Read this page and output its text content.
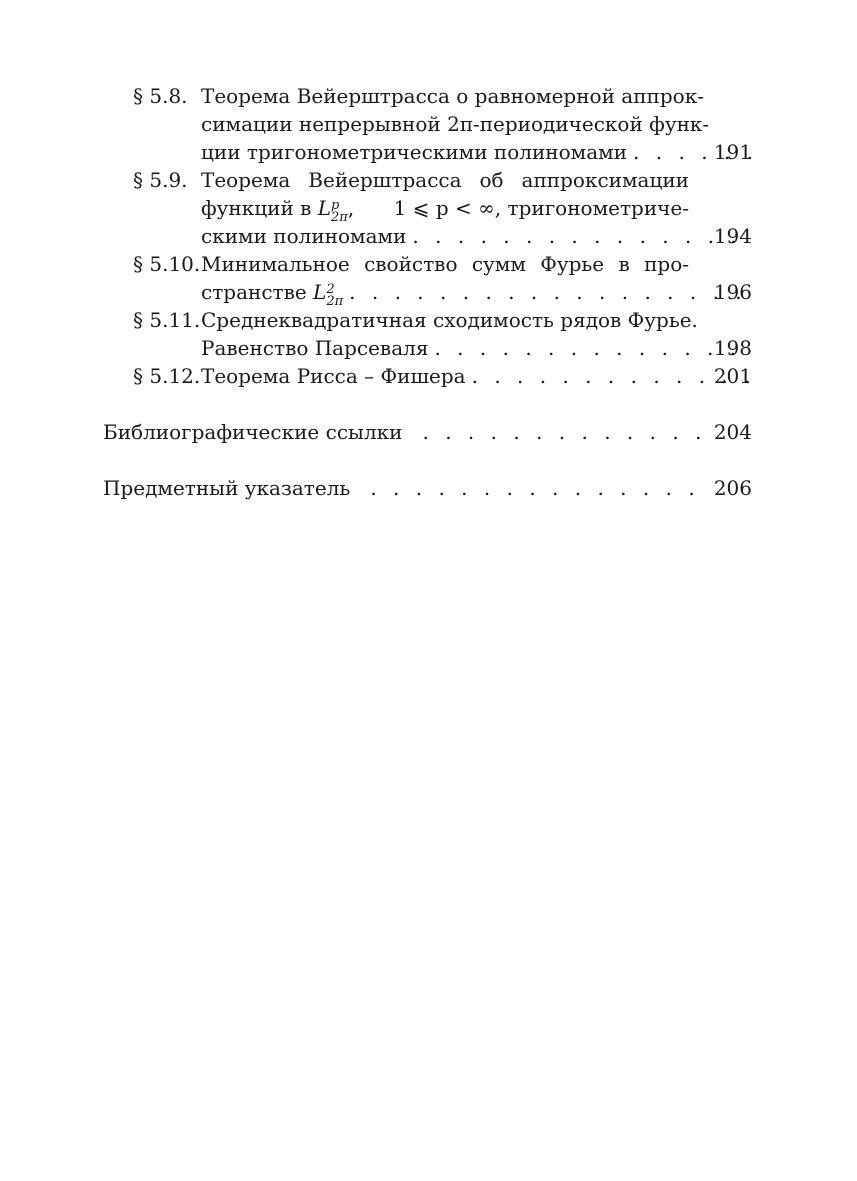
§ 5.8. Теорема Вейерштрасса о равномерной аппрок-
симации непрерывной 2π-периодической функ-
ции тригонометрическими полиномами . . .	191
§ 5.9. Теорема Вейерштрасса об аппроксимации
функций в L p
2π , 1 ⩽ p < ∞, тригонометриче-
скими полиномами . . .	194
§ 5.10. Минимальное свойство сумм Фурье в про-
странстве L 2
2π . . .	196
§ 5.11. Среднеквадратичная сходимость рядов Фурье.
Равенство Парсеваля . . .	198
§ 5.12. Теорема Рисса – Фишера . . .	201
Библиографические ссылки . . .	204
Предметный указатель . . .	206
